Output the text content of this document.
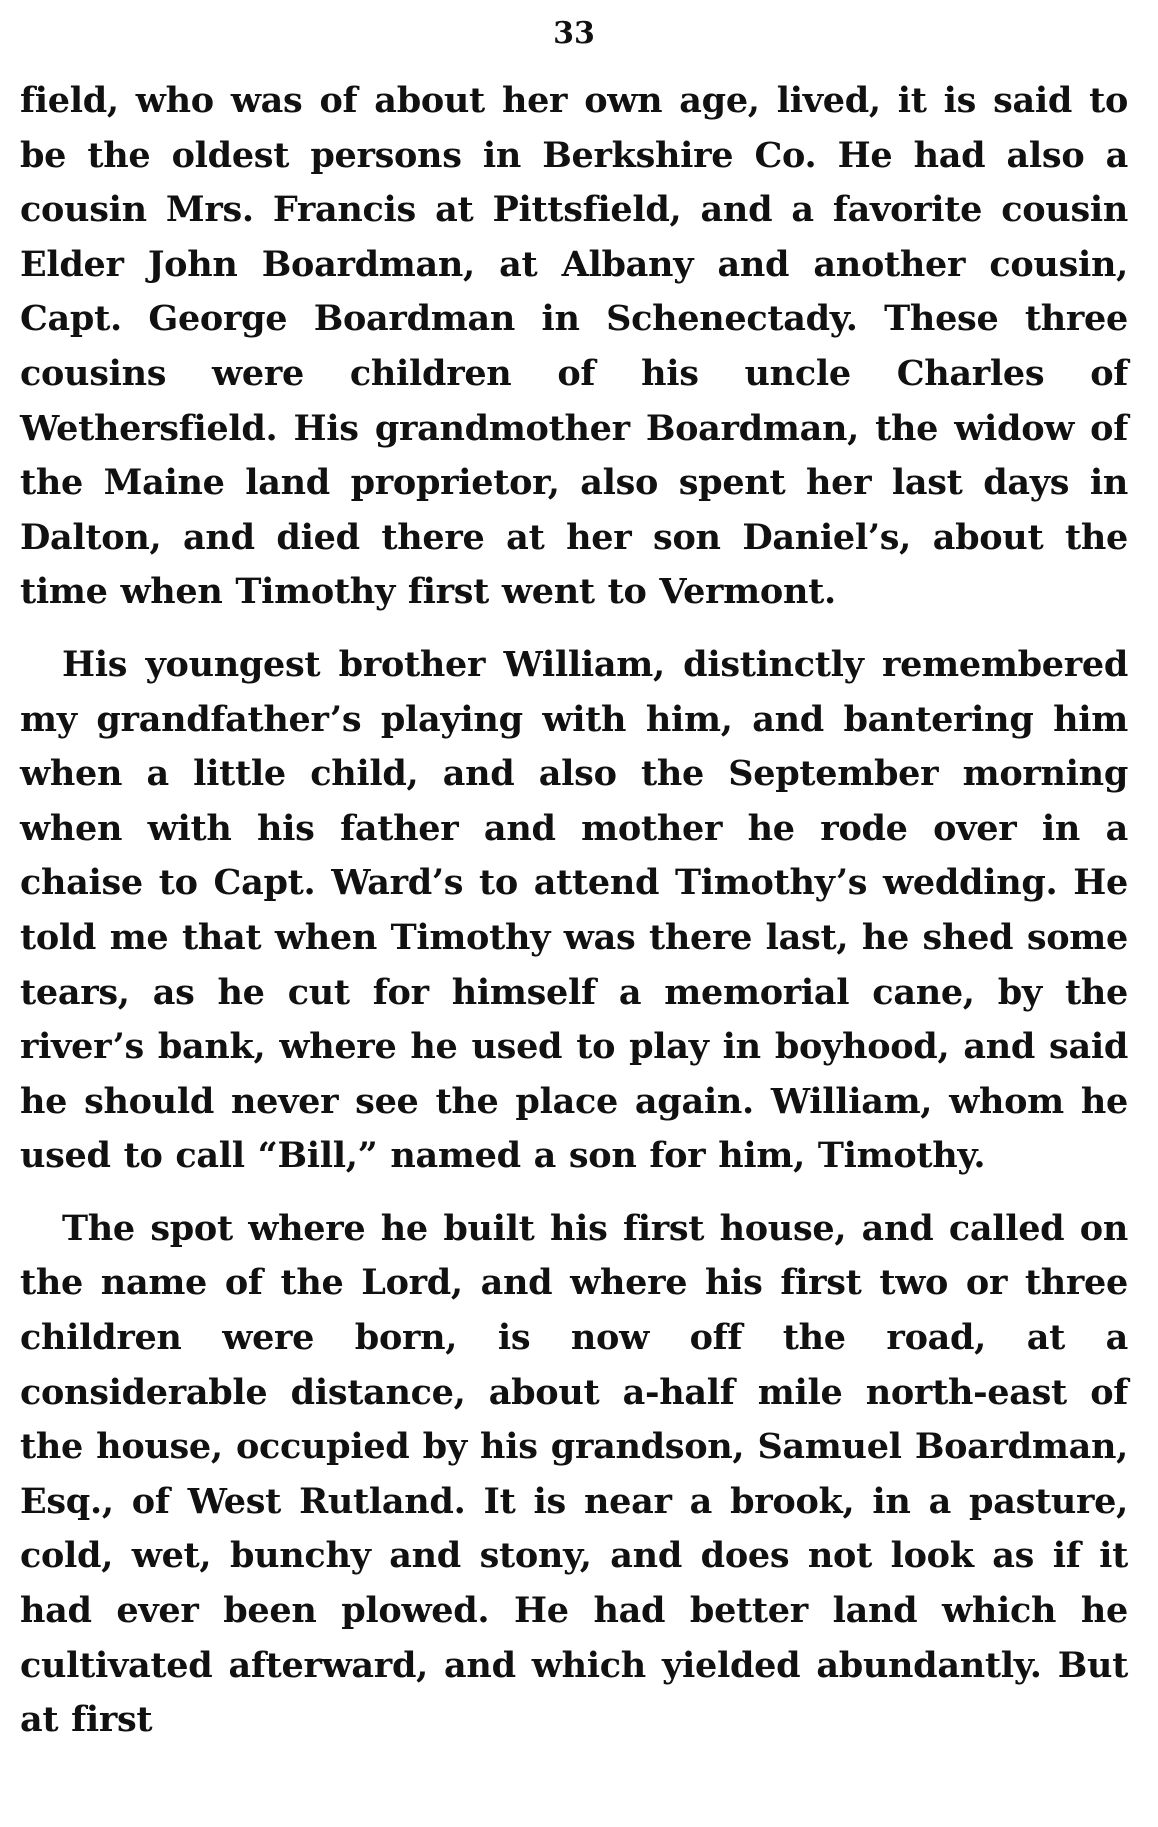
33

field, who was of about her own age, lived, it is said to be the oldest persons in Berkshire Co. He had also a cousin Mrs. Francis at Pittsfield, and a favorite cousin Elder John Boardman, at Albany and another cousin, Capt. George Boardman in Schenectady. These three cousins were children of his uncle Charles of Wethersfield. His grandmother Boardman, the widow of the Maine land proprietor, also spent her last days in Dalton, and died there at her son Daniel’s, about the time when Timothy first went to Vermont.

His youngest brother William, distinctly remembered my grandfather’s playing with him, and bantering him when a little child, and also the September morning when with his father and mother he rode over in a chaise to Capt. Ward’s to attend Timothy’s wedding. He told me that when Timothy was there last, he shed some tears, as he cut for himself a memorial cane, by the river’s bank, where he used to play in boyhood, and said he should never see the place again. William, whom he used to call “Bill,” named a son for him, Timothy.

The spot where he built his first house, and called on the name of the Lord, and where his first two or three children were born, is now off the road, at a considerable distance, about a-half mile north-east of the house, occupied by his grandson, Samuel Boardman, Esq., of West Rutland. It is near a brook, in a pasture, cold, wet, bunchy and stony, and does not look as if it had ever been plowed. He had better land which he cultivated afterward, and which yielded abundantly. But at first
